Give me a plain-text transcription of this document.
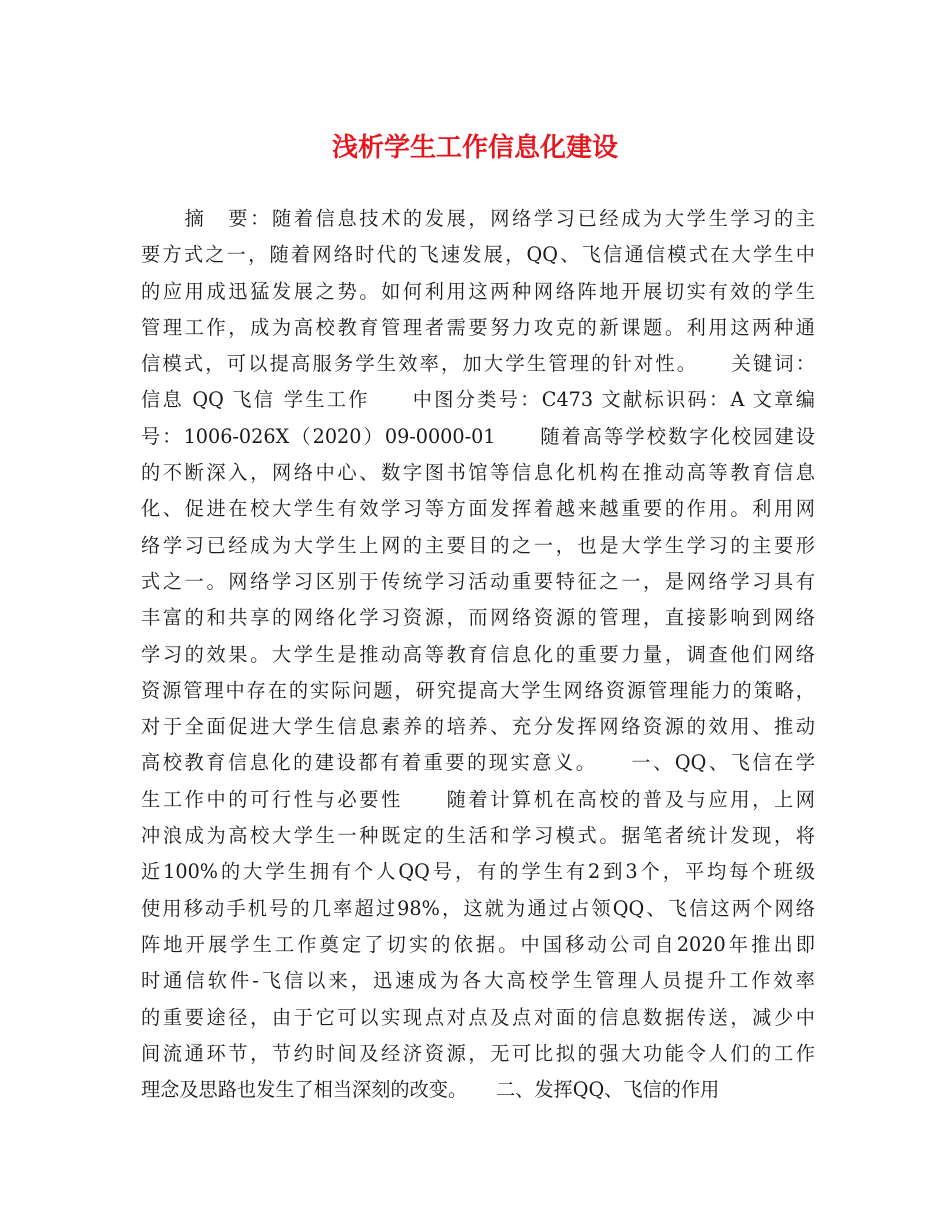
浅析学生工作信息化建设
　　摘　要：随着信息技术的发展，网络学习已经成为大学生学习的主
要方式之一，随着网络时代的飞速发展，QQ、飞信通信模式在大学生中
的应用成迅猛发展之势。如何利用这两种网络阵地开展切实有效的学生
管理工作，成为高校教育管理者需要努力攻克的新课题。利用这两种通
信模式，可以提高服务学生效率，加大学生管理的针对性。　　关键词：
信息 QQ 飞信 学生工作　　中图分类号：C473 文献标识码：A 文章编
号：1006-026X（2020）09-0000-01　　随着高等学校数字化校园建设
的不断深入，网络中心、数字图书馆等信息化机构在推动高等教育信息
化、促进在校大学生有效学习等方面发挥着越来越重要的作用。利用网
络学习已经成为大学生上网的主要目的之一，也是大学生学习的主要形
式之一。网络学习区别于传统学习活动重要特征之一，是网络学习具有
丰富的和共享的网络化学习资源，而网络资源的管理，直接影响到网络
学习的效果。大学生是推动高等教育信息化的重要力量，调查他们网络
资源管理中存在的实际问题，研究提高大学生网络资源管理能力的策略，
对于全面促进大学生信息素养的培养、充分发挥网络资源的效用、推动
高校教育信息化的建设都有着重要的现实意义。　　一、QQ、飞信在学
生工作中的可行性与必要性　　随着计算机在高校的普及与应用，上网
冲浪成为高校大学生一种既定的生活和学习模式。据笔者统计发现，将
近100%的大学生拥有个人QQ号，有的学生有2到3个，平均每个班级
使用移动手机号的几率超过98%，这就为通过占领QQ、飞信这两个网络
阵地开展学生工作奠定了切实的依据。中国移动公司自2020年推出即
时通信软件-飞信以来，迅速成为各大高校学生管理人员提升工作效率
的重要途径，由于它可以实现点对点及点对面的信息数据传送，减少中
间流通环节，节约时间及经济资源，无可比拟的强大功能令人们的工作
理念及思路也发生了相当深刻的改变。　　二、发挥QQ、飞信的作用
